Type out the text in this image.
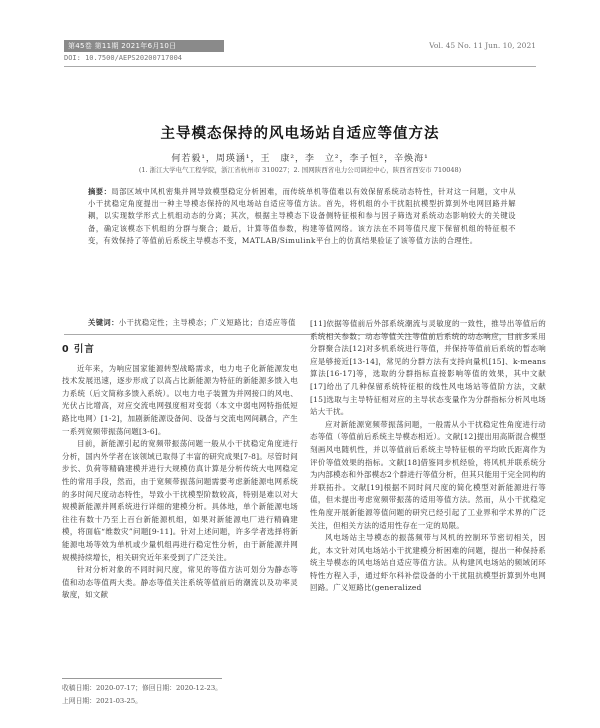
第45卷 第11期 2021年6月10日	Vol. 45 No. 11 Jun. 10, 2021
DOI: 10.7500/AEPS20200717004
主导模态保持的风电场站自适应等值方法
何若毅¹，周瑛涵¹，王 康²，李 立²，李子恒²，辛焕海¹
(1. 浙江大学电气工程学院，浙江省杭州市 310027；2. 国网陕西省电力公司调控中心，陕西省西安市 710048)
摘要：局部区域中风机密集并网导致模型稳定分析困难，而传统单机等值难以有效保留系统动态特性，针对这一问题，文中从小干扰稳定角度提出一种主导模态保持的风电场站自适应等值方法。首先，将机组的小干扰阻抗模型折算到外电网回路并解耦，以实现数学形式上机组动态的分离；其次，根据主导模态下设备侧特征根和参与因子筛选对系统动态影响较大的关键设备，确定该模态下机组的分群与聚合；最后，计算等值参数，构建等值网络。该方法在不同等值尺度下保留机组的特征根不变，有效保持了等值前后系统主导模态不变，MATLAB/Simulink平台上的仿真结果验证了该等值方法的合理性。
关键词：小干扰稳定性；主导模态；广义短路比；自适应等值
0 引言

近年来，为响应国家能源转型战略需求，电力电子化新能源发电技术发展迅速，逐步形成了以高占比新能源为特征的新能源多馈入电力系统（后文简称多馈入系统）。以电力电子装置为并网接口的风电、光伏占比增高，对应交流电网强度相对变弱（本文中弱电网特指低短路比电网）[1-2]，加剧新能源设备间、设备与交流电网间耦合，产生一系列宽频带振荡问题[3-6]。

目前，新能源引起的宽频带振荡问题一般从小干扰稳定角度进行分析，国内外学者在该领域已取得了丰富的研究成果[7-8]。尽管时间步长、负荷等精确建模并进行大规模仿真计算是分析传统大电网稳定性的常用手段，然而，由于宽频带振荡问题需要考虑新能源电网系统的多时间尺度动态特性，导致小干扰模型阶数较高，特别是难以对大规模新能源并网系统进行详细的建模分析。具体地，单个新能源电场往往有数十乃至上百台新能源机组，如果对新能源电厂进行精确建模，将面临“维数灾”问题[9-11]。针对上述问题，许多学者选择将新能源电场等效为单机或少量机组再进行稳定性分析，由于新能源并网规模持续增长，相关研究近年来受到了广泛关注。

针对分析对象的不同时间尺度，常见的等值方法可划分为静态等值和动态等值两大类。静态等值关注系统等值前后的潮流以及功率灵敏度，如文献

[11]依据等值前后外部系统潮流与灵敏度的一致性，推导出等值后的系统相关参数；动态等值关注等值前后系统的动态响应，目前多采用分群聚合法[12]对多机系统进行等值，并保持等值前后系统的暂态响应是够接近[13-14]，常见的分群方法有支持向量机[15]、k-means算法[16-17]等，选取的分群指标直接影响等值的效果，其中文献[17]给出了几种保留系统特征根的线性风电场站等值阶方法，文献[15]选取与主导特征相对应的主导状态变量作为分群指标分析风电场站大干扰。

应对新能源宽频带振荡问题，一般需从小干扰稳定性角度进行动态等值（等值前后系统主导模态相近）。文献[12]提出用高斯混合模型刻画风电随机性，并以等值前后系统主导特征根的平均欧氏距离作为评价等值效果的指标。文献[18]借鉴同步机经验，将风机并联系统分为内部模态和外部模态2个群进行等值分析，但其只能用于完全同构的并联拓扑。文献[19]根据不同时间尺度的简化模型对新能源进行等值，但未提出考虑宽频带振荡的适用等值方法。然而，从小干扰稳定性角度开展新能源等值问题的研究已经引起了工业界和学术界的广泛关注，但相关方法的适用性存在一定的局限。

风电场站主导模态的振荡频带与风机的控制环节密切相关，因此，本文针对风电场站小干扰建模分析困难的问题，提出一种保持系统主导模态的风电场站自适应等值方法。从构建风电场站的频域闭环特性方程入手，通过虾尔科补偿设备的小干扰阻抗模型折算到外电网回路。广义短路比(generalized

收稿日期：2020-07-17；修回日期：2020-12-23。
上网日期：2021-03-25。
